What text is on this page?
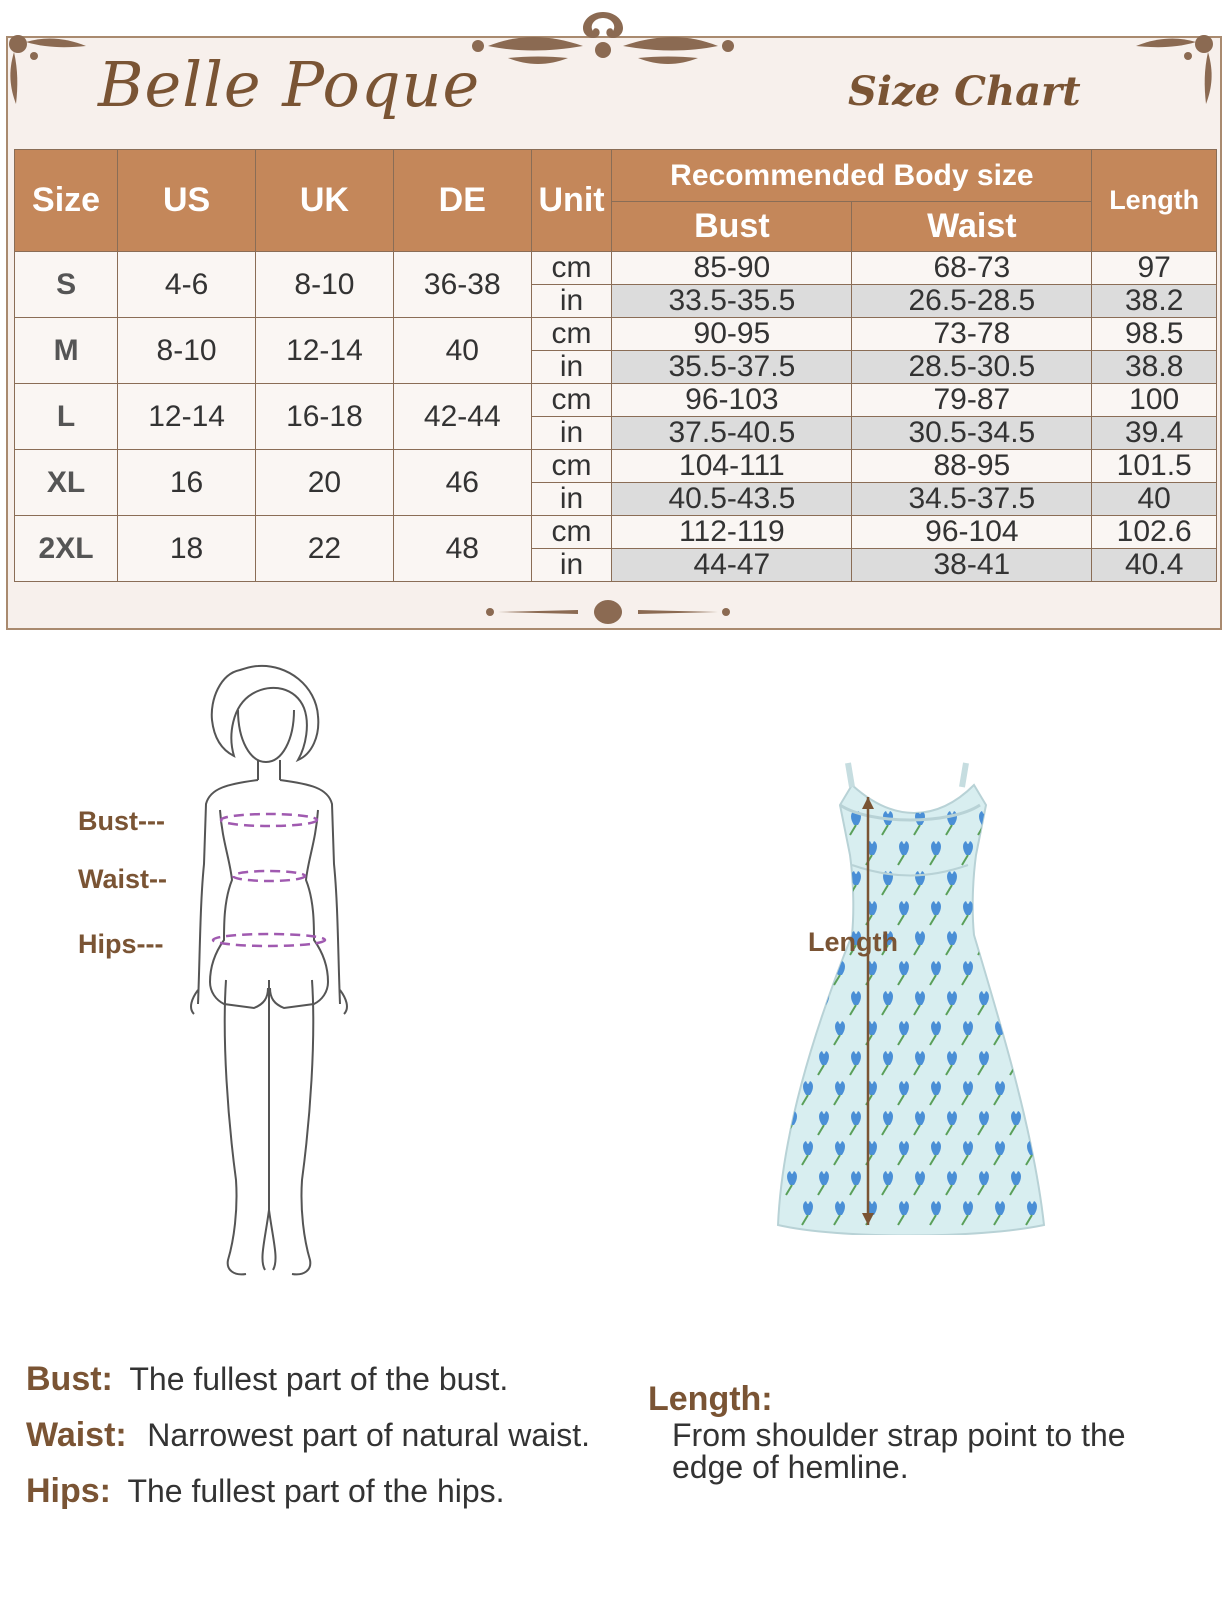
Belle Poque	Size Chart
Size	US	UK	DE	Unit	Recommended Body size		Length
					Bust	Waist	
S	4-6	8-10	36-38	cm	85-90	68-73	97
				in	33.5-35.5	26.5-28.5	38.2
M	8-10	12-14	40	cm	90-95	73-78	98.5
				in	35.5-37.5	28.5-30.5	38.8
L	12-14	16-18	42-44	cm	96-103	79-87	100
				in	37.5-40.5	30.5-34.5	39.4
XL	16	20	46	cm	104-111	88-95	101.5
				in	40.5-43.5	34.5-37.5	40
2XL	18	22	48	cm	112-119	96-104	102.6
				in	44-47	38-41	40.4
Bust---
Waist--
Hips---	Length
Bust: The fullest part of the bust.
Waist: Narrowest part of natural waist.
Hips: The fullest part of the hips.
Length:
From shoulder strap point to the
edge of hemline.
